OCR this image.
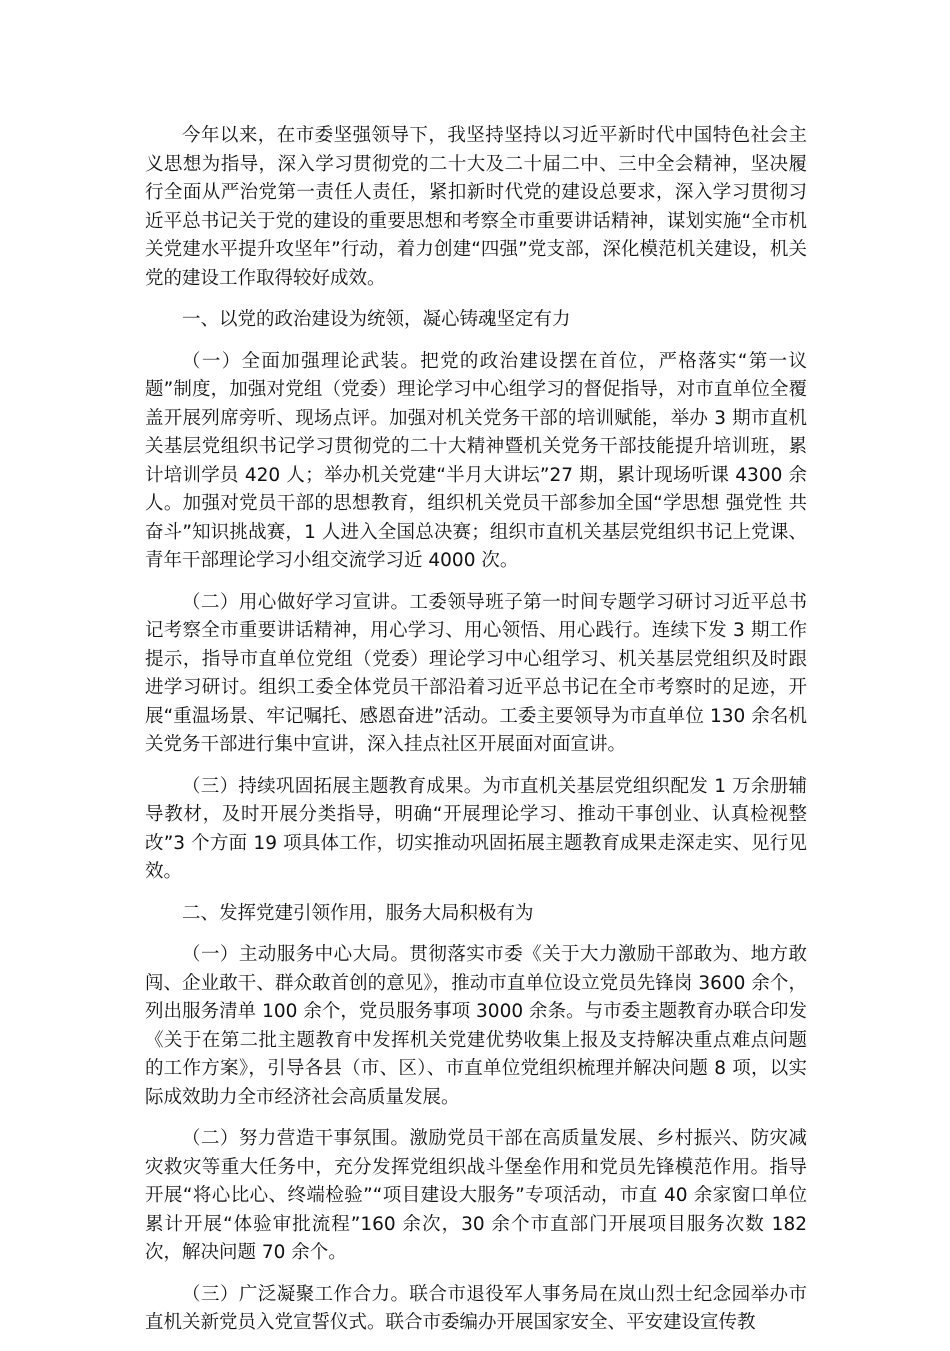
今年以来，在市委坚强领导下，我坚持坚持以习近平新时代中国特色社会主义思想为指导，深入学习贯彻党的二十大及二十届二中、三中全会精神，坚决履行全面从严治党第一责任人责任，紧扣新时代党的建设总要求，深入学习贯彻习近平总书记关于党的建设的重要思想和考察全市重要讲话精神，谋划实施“全市机关党建水平提升攻坚年”行动，着力创建“四强”党支部，深化模范机关建设，机关党的建设工作取得较好成效。

一、以党的政治建设为统领，凝心铸魂坚定有力

（一）全面加强理论武装。把党的政治建设摆在首位，严格落实“第一议题”制度，加强对党组（党委）理论学习中心组学习的督促指导，对市直单位全覆盖开展列席旁听、现场点评。加强对机关党务干部的培训赋能，举办 3 期市直机关基层党组织书记学习贯彻党的二十大精神暨机关党务干部技能提升培训班，累计培训学员 420 人；举办机关党建“半月大讲坛”27 期，累计现场听课 4300 余人。加强对党员干部的思想教育，组织机关党员干部参加全国“学思想 强党性 共奋斗”知识挑战赛，1 人进入全国总决赛；组织市直机关基层党组织书记上党课、青年干部理论学习小组交流学习近 4000 次。

（二）用心做好学习宣讲。工委领导班子第一时间专题学习研讨习近平总书记考察全市重要讲话精神，用心学习、用心领悟、用心践行。连续下发 3 期工作提示，指导市直单位党组（党委）理论学习中心组学习、机关基层党组织及时跟进学习研讨。组织工委全体党员干部沿着习近平总书记在全市考察时的足迹，开展“重温场景、牢记嘱托、感恩奋进”活动。工委主要领导为市直单位 130 余名机关党务干部进行集中宣讲，深入挂点社区开展面对面宣讲。

（三）持续巩固拓展主题教育成果。为市直机关基层党组织配发 1 万余册辅导教材，及时开展分类指导，明确“开展理论学习、推动干事创业、认真检视整改”3 个方面 19 项具体工作，切实推动巩固拓展主题教育成果走深走实、见行见效。

二、发挥党建引领作用，服务大局积极有为

（一）主动服务中心大局。贯彻落实市委《关于大力激励干部敢为、地方敢闯、企业敢干、群众敢首创的意见》，推动市直单位设立党员先锋岗 3600 余个，列出服务清单 100 余个，党员服务事项 3000 余条。与市委主题教育办联合印发《关于在第二批主题教育中发挥机关党建优势收集上报及支持解决重点难点问题的工作方案》，引导各县（市、区）、市直单位党组织梳理并解决问题 8 项，以实际成效助力全市经济社会高质量发展。

（二）努力营造干事氛围。激励党员干部在高质量发展、乡村振兴、防灾减灾救灾等重大任务中，充分发挥党组织战斗堡垒作用和党员先锋模范作用。指导开展“将心比心、终端检验”“项目建设大服务”专项活动，市直 40 余家窗口单位累计开展“体验审批流程”160 余次，30 余个市直部门开展项目服务次数 182 次，解决问题 70 余个。

（三）广泛凝聚工作合力。联合市退役军人事务局在岚山烈士纪念园举办市直机关新党员入党宣誓仪式。联合市委编办开展国家安全、平安建设宣传教
